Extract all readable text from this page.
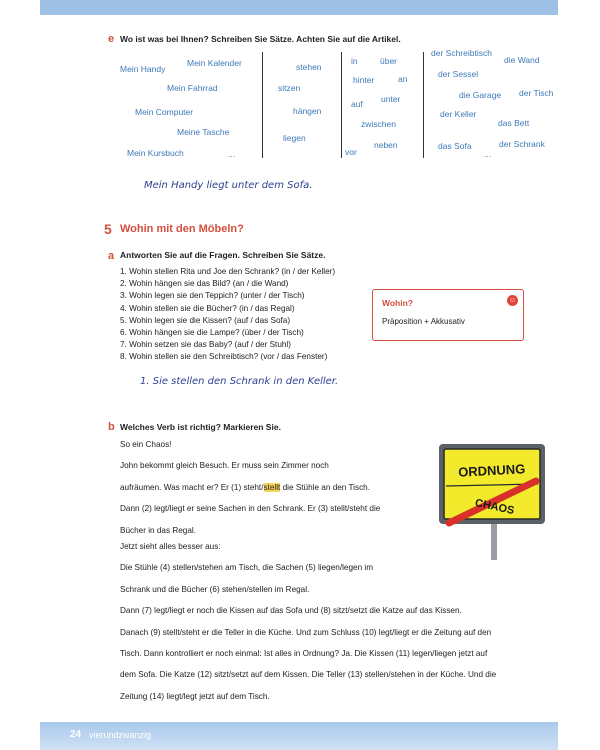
e Wo ist was bei Ihnen? Schreiben Sie Sätze. Achten Sie auf die Artikel.
Mein Handy
Mein Kalender
Mein Fahrrad
Mein Computer
Meine Tasche
Mein Kursbuch	...
stehen
sitzen
hängen
liegen
in	über
hinter	an
auf unter
zwischen
vor
neben
der Schreibtisch
die Wand
der Sessel
die Garage der Tisch
der Keller
das Bett
das Sofa	der Schrank
...
Mein Handy liegt unter dem Sofa.
5 Wohin mit den Möbeln?
a Antworten Sie auf die Fragen. Schreiben Sie Sätze.
1. Wohin stellen Rita und Joe den Schrank? (in / der Keller)
2. Wohin hängen sie das Bild? (an / die Wand)
3. Wohin legen sie den Teppich? (unter / der Tisch)
4. Wohin stellen sie die Bücher? (in / das Regal)
5. Wohin legen sie die Kissen? (auf / das Sofa)
6. Wohin hängen sie die Lampe? (über / der Tisch)
7. Wohin setzen sie das Baby? (auf / der Stuhl)
8. Wohin stellen sie den Schreibtisch? (vor / das Fenster)
Wohin?
Präposition + Akkusativ
☺
1. Sie stellen den Schrank in den Keller.
b Welches Verb ist richtig? Markieren Sie.
ORDNUNG
CHAOS
So ein Chaos!
John bekommt gleich Besuch. Er muss sein Zimmer noch
aufräumen. Was macht er? Er (1) steht/stellt die Stühle an den Tisch.
Dann (2) legt/liegt er seine Sachen in den Schrank. Er (3) stellt/steht die
Bücher in das Regal.
Jetzt sieht alles besser aus:
Die Stühle (4) stellen/stehen am Tisch, die Sachen (5) liegen/legen im
Schrank und die Bücher (6) stehen/stellen im Regal.
Dann (7) legt/liegt er noch die Kissen auf das Sofa und (8) sitzt/setzt die Katze auf das Kissen.
Danach (9) stellt/steht er die Teller in die Küche. Und zum Schluss (10) legt/liegt er die Zeitung auf den
Tisch. Dann kontrolliert er noch einmal: Ist alles in Ordnung? Ja. Die Kissen (11) legen/liegen jetzt auf
dem Sofa. Die Katze (12) sitzt/setzt auf dem Kissen. Die Teller (13) stellen/stehen in der Küche. Und die
Zeitung (14) liegt/legt jetzt auf dem Tisch.
24 vierundzwanzig
